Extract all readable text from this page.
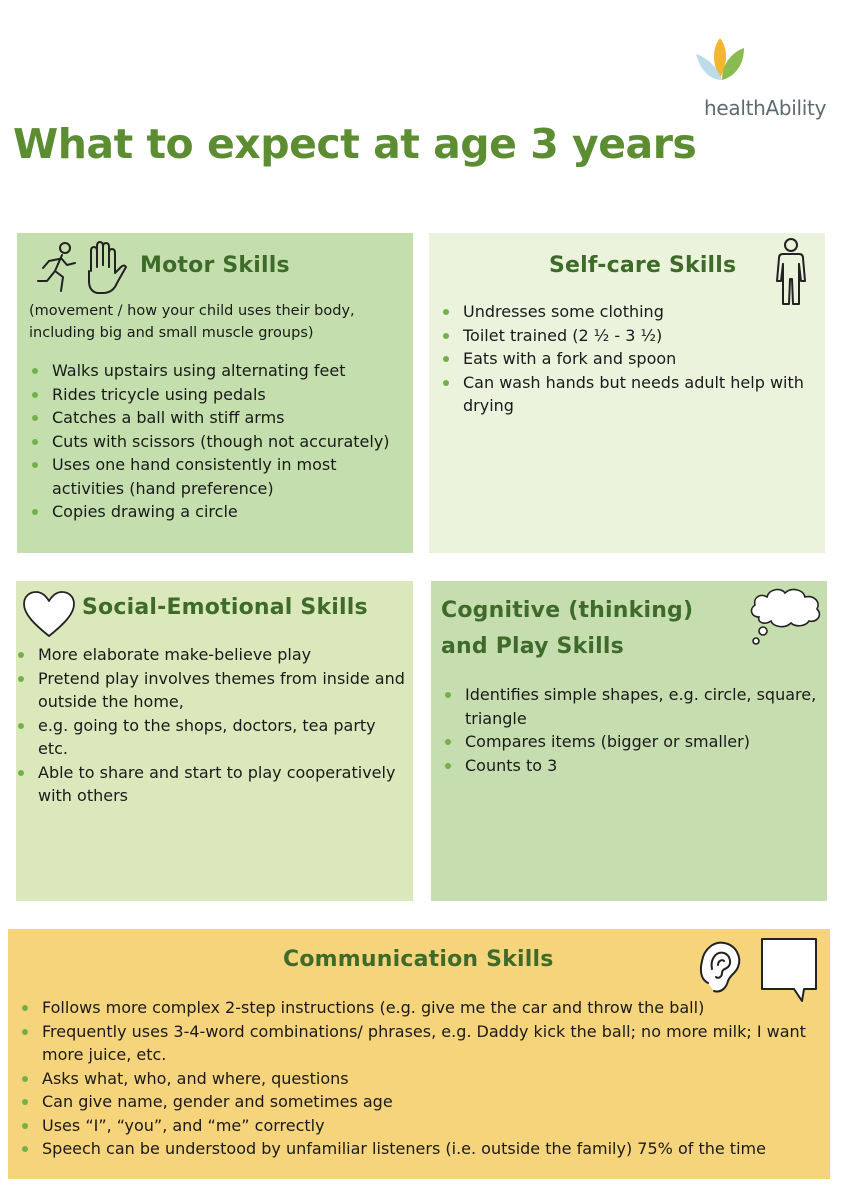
healthAbility
What to expect at age 3 years
Motor Skills

(movement / how your child uses their body, including big and small muscle groups)

Walks upstairs using alternating feet
Rides tricycle using pedals
Catches a ball with stiff arms
Cuts with scissors (though not accurately)
Uses one hand consistently in most activities (hand preference)
Copies drawing a circle
Self-care Skills
Undresses some clothing
Toilet trained (2 ½ - 3 ½)
Eats with a fork and spoon
Can wash hands but needs adult help with drying
Social-Emotional Skills
More elaborate make-believe play
Pretend play involves themes from inside and outside the home,
e.g. going to the shops, doctors, tea party etc.
Able to share and start to play cooperatively with others
Cognitive (thinking)
and Play Skills
Identifies simple shapes, e.g. circle, square, triangle
Compares items (bigger or smaller)
Counts to 3
Communication Skills
Follows more complex 2-step instructions (e.g. give me the car and throw the ball)
Frequently uses 3-4-word combinations/ phrases, e.g. Daddy kick the ball; no more milk; I want more juice, etc.
Asks what, who, and where, questions
Can give name, gender and sometimes age
Uses “I”, “you”, and “me” correctly
Speech can be understood by unfamiliar listeners (i.e. outside the family) 75% of the time
